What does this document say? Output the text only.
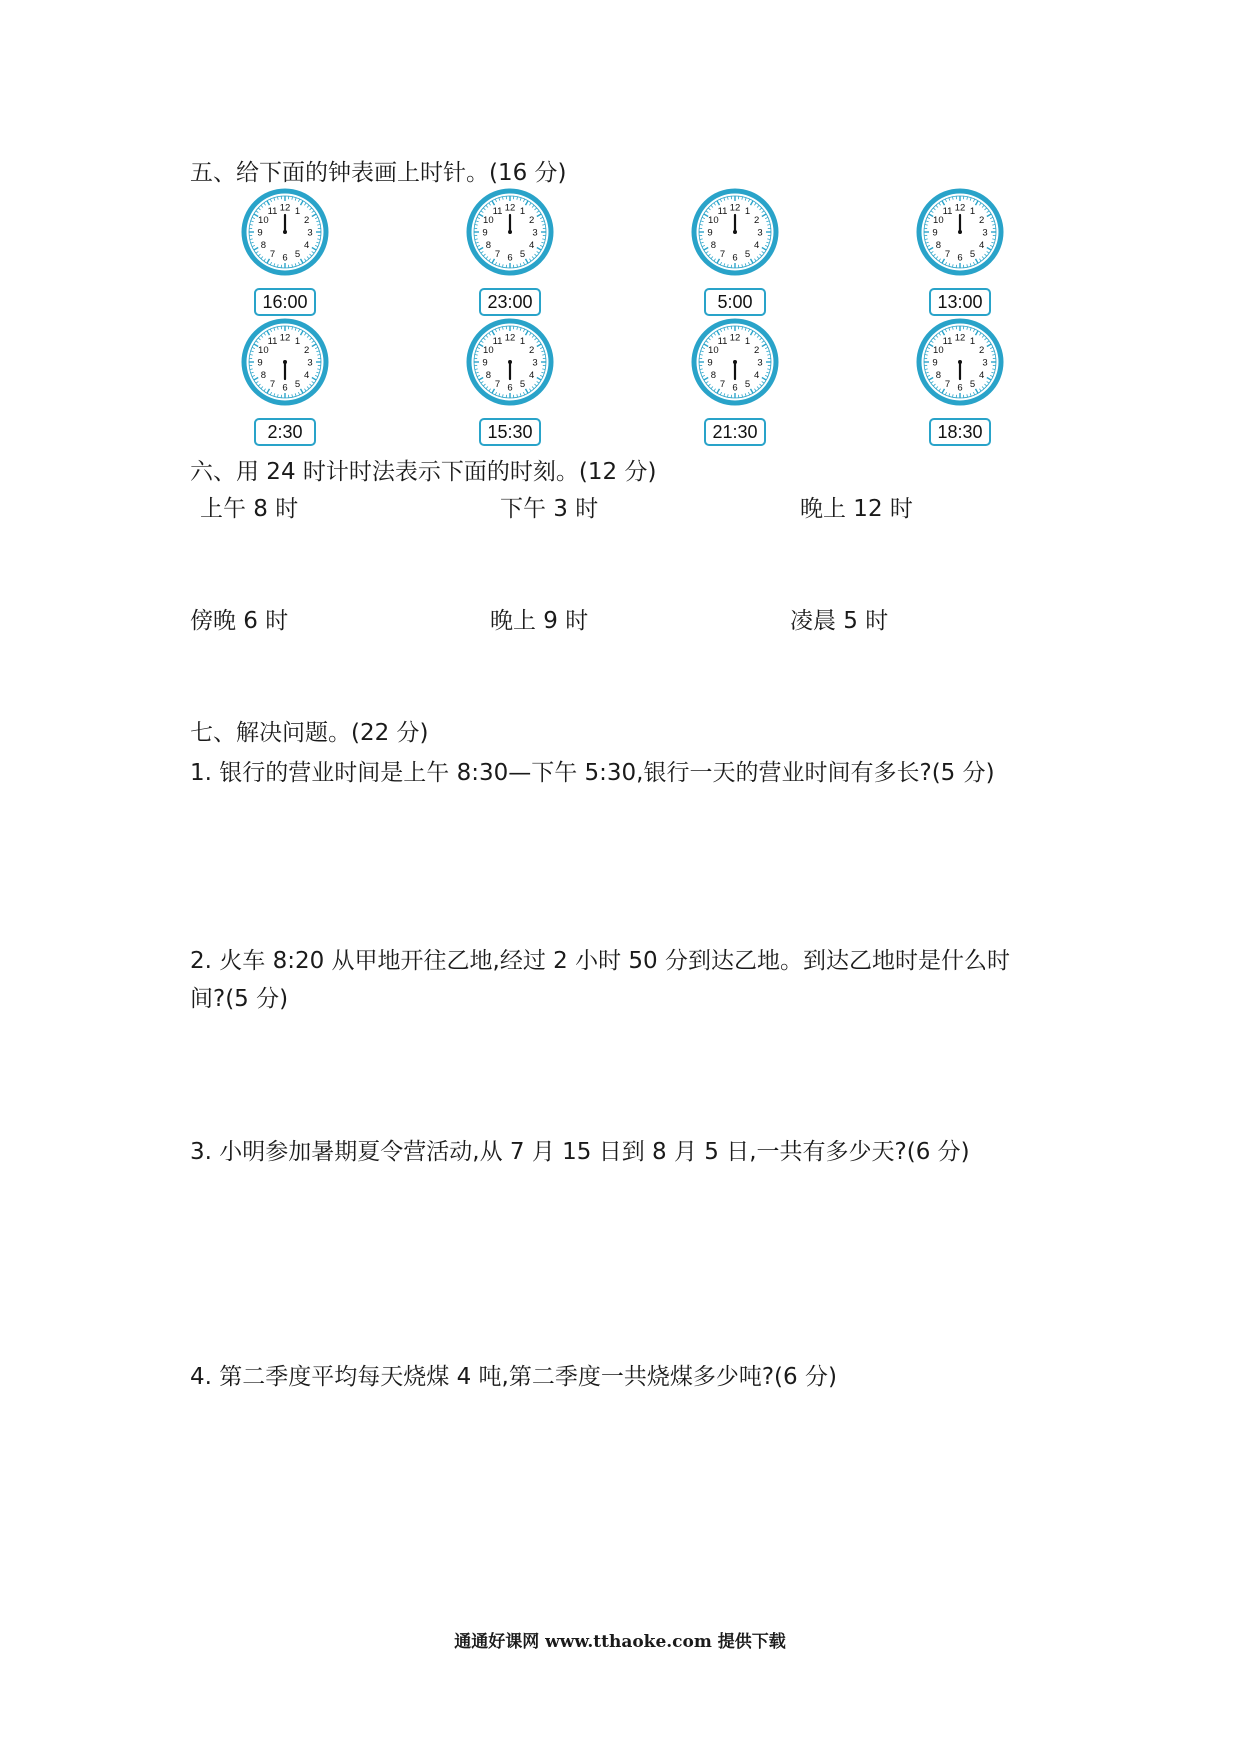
五、给下面的钟表画上时针。(16 分)
12 1
2
3
4
5
6
7
8
9
10
11
16:00
12 1
2
3
4
5
6
7
8
9
10
11
23:00
12 1
2
3
4
5
6
7
8
9
10
11
5:00
12 1
2
3
4
5
6
7
8
9
10
11
13:00
12 1
2
3
4
5
6
7
8
9
10
11
2:30
12 1
2
3
4
5
6
7
8
9
10
11
15:30
12 1
2
3
4
5
6
7
8
9
10
11
21:30
12 1
2
3
4
5
6
7
8
9
10
11
18:30
六、用 24 时计时法表示下面的时刻。(12 分)
上午 8 时	下午 3 时	晚上 12 时
傍晚 6 时	晚上 9 时	凌晨 5 时
七、解决问题。(22 分)
1. 银行的营业时间是上午 8:30—下午 5:30,银行一天的营业时间有多长?(5 分)
2. 火车 8:20 从甲地开往乙地,经过 2 小时 50 分到达乙地。到达乙地时是什么时
间?(5 分)
3. 小明参加暑期夏令营活动,从 7 月 15 日到 8 月 5 日,一共有多少天?(6 分)
4. 第二季度平均每天烧煤 4 吨,第二季度一共烧煤多少吨?(6 分)
通通好课网 www.tthaoke.com 提供下载
